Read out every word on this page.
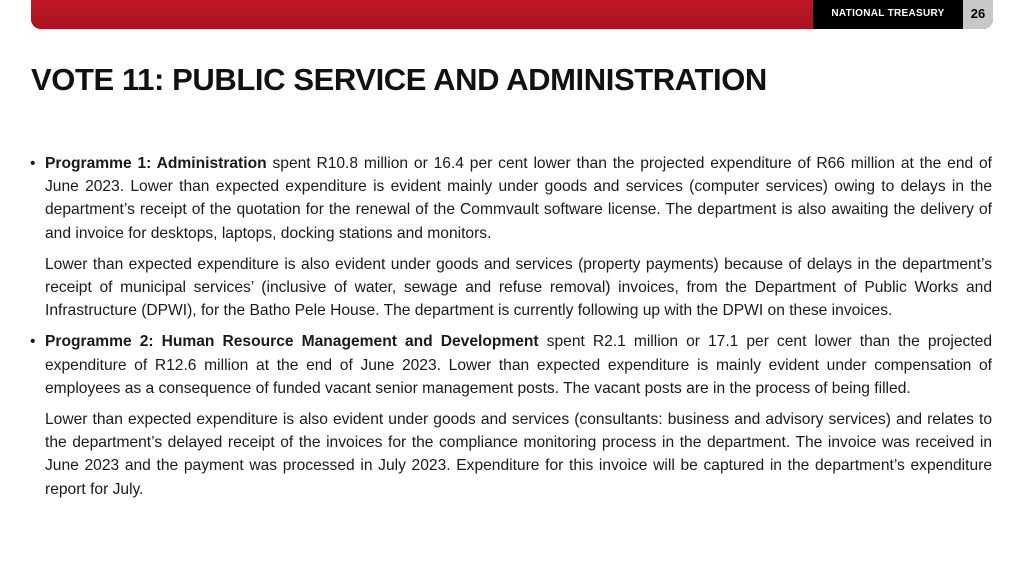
NATIONAL TREASURY 26
VOTE 11: PUBLIC SERVICE AND ADMINISTRATION

• Programme 1: Administration spent R10.8 million or 16.4 per cent lower than the projected expenditure of R66 million at the end of June 2023. Lower than expected expenditure is evident mainly under goods and services (computer services) owing to delays in the department’s receipt of the quotation for the renewal of the Commvault software license. The department is also awaiting the delivery of and invoice for desktops, laptops, docking stations and monitors.

Lower than expected expenditure is also evident under goods and services (property payments) because of delays in the department’s receipt of municipal services’ (inclusive of water, sewage and refuse removal) invoices, from the Department of Public Works and Infrastructure (DPWI), for the Batho Pele House. The department is currently following up with the DPWI on these invoices.

• Programme 2: Human Resource Management and Development spent R2.1 million or 17.1 per cent lower than the projected expenditure of R12.6 million at the end of June 2023. Lower than expected expenditure is mainly evident under compensation of employees as a consequence of funded vacant senior management posts. The vacant posts are in the process of being filled.

Lower than expected expenditure is also evident under goods and services (consultants: business and advisory services) and relates to the department’s delayed receipt of the invoices for the compliance monitoring process in the department. The invoice was received in June 2023 and the payment was processed in July 2023. Expenditure for this invoice will be captured in the department’s expenditure report for July.
